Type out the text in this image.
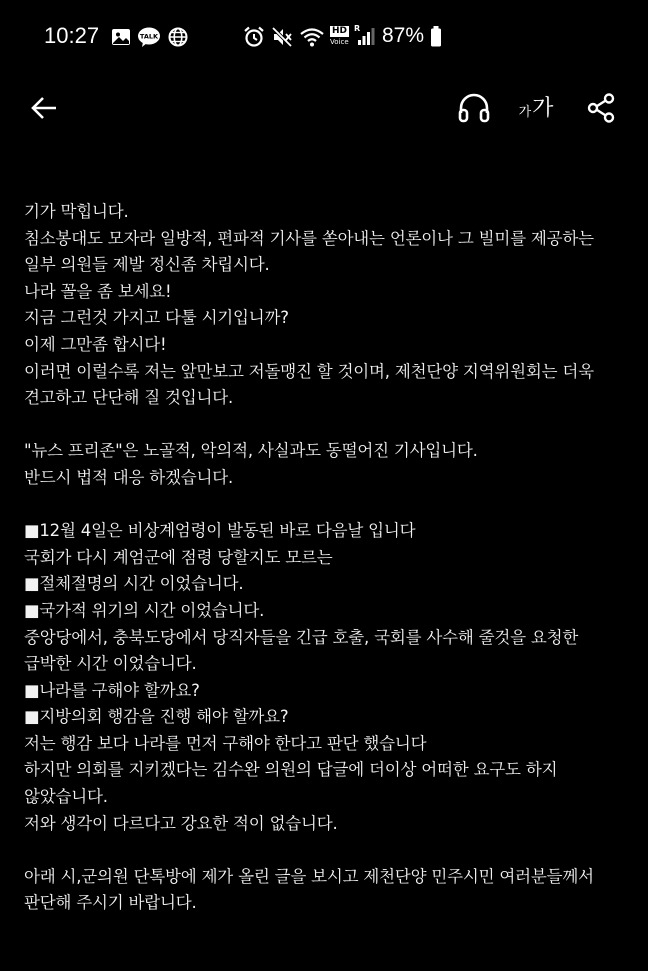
10:27	TALK
HD
Voice
R 87%
가 가
기가 막힙니다.
침소봉대도 모자라 일방적, 편파적 기사를 쏟아내는 언론이나 그 빌미를 제공하는
일부 의원들 제발 정신좀 차립시다.
나라 꼴을 좀 보세요!
지금 그런것 가지고 다툴 시기입니까?
이제 그만좀 합시다!
이러면 이럴수록 저는 앞만보고 저돌맹진 할 것이며, 제천단양 지역위원회는 더욱
견고하고 단단해 질 것입니다.
"뉴스 프리존"은 노골적, 악의적, 사실과도 동떨어진 기사입니다.
반드시 법적 대응 하겠습니다.
■12월 4일은 비상계엄령이 발동된 바로 다음날 입니다
국회가 다시 계엄군에 점령 당할지도 모르는
■절체절명의 시간 이었습니다.
■국가적 위기의 시간 이었습니다.
중앙당에서, 충북도당에서 당직자들을 긴급 호출, 국회를 사수해 줄것을 요청한
급박한 시간 이었습니다.
■나라를 구해야 할까요?
■지방의회 행감을 진행 해야 할까요?
저는 행감 보다 나라를 먼저 구해야 한다고 판단 했습니다
하지만 의회를 지키겠다는 김수완 의원의 답글에 더이상 어떠한 요구도 하지
않았습니다.
저와 생각이 다르다고 강요한 적이 없습니다.
아래 시,군의원 단톡방에 제가 올린 글을 보시고 제천단양 민주시민 여러분들께서
판단해 주시기 바랍니다.
